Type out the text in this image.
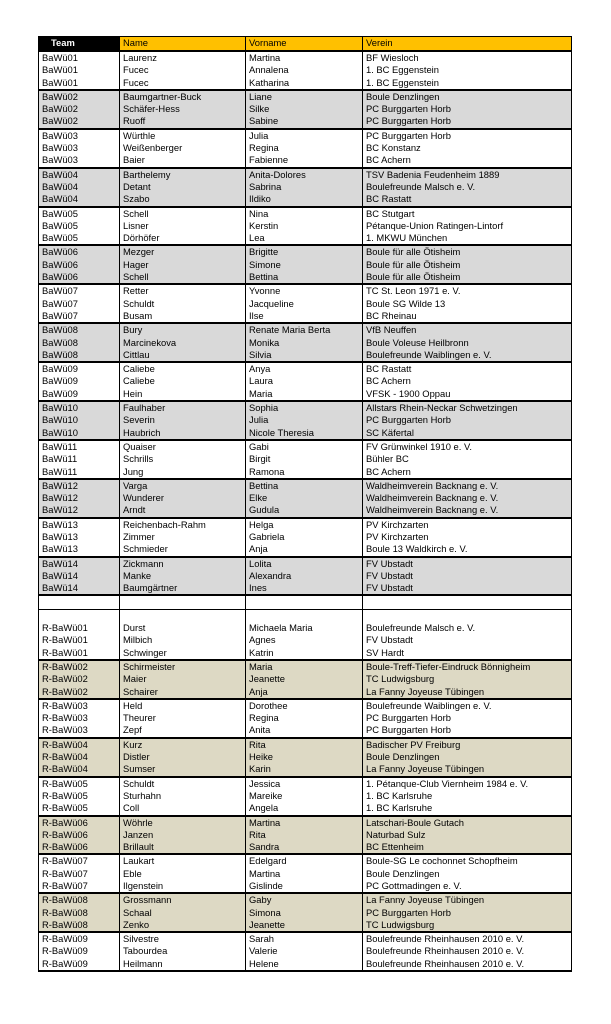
Team	Name	Vorname	Verein
BaWü01	Laurenz	Martina	BF Wiesloch
BaWü01	Fucec	Annalena	1. BC Eggenstein
BaWü01	Fucec	Katharina	1. BC Eggenstein
BaWü02	Baumgartner-Buck	Liane	Boule Denzlingen
BaWü02	Schäfer-Hess	Silke	PC Burggarten Horb
BaWü02	Ruoff	Sabine	PC Burggarten Horb
BaWü03	Würthle	Julia	PC Burggarten Horb
BaWü03	Weißenberger	Regina	BC Konstanz
BaWü03	Baier	Fabienne	BC Achern
BaWü04	Barthelemy	Anita-Dolores	TSV Badenia Feudenheim 1889
BaWü04	Detant	Sabrina	Boulefreunde Malsch e. V.
BaWü04	Szabo	Ildiko	BC Rastatt
BaWü05	Schell	Nina	BC Stutgart
BaWü05	Lisner	Kerstin	Pétanque-Union Ratingen-Lintorf
BaWü05	Dörhöfer	Lea	1. MKWU München
BaWü06	Mezger	Brigitte	Boule für alle Ötisheim
BaWü06	Hager	Simone	Boule für alle Ötisheim
BaWü06	Schell	Bettina	Boule für alle Ötisheim
BaWü07	Retter	Yvonne	TC St. Leon 1971 e. V.
BaWü07	Schuldt	Jacqueline	Boule SG Wilde 13
BaWü07	Busam	Ilse	BC Rheinau
BaWü08	Bury	Renate Maria Berta	VfB Neuffen
BaWü08	Marcinekova	Monika	Boule Voleuse Heilbronn
BaWü08	Cittlau	Silvia	Boulefreunde Waiblingen e. V.
BaWü09	Caliebe	Anya	BC Rastatt
BaWü09	Caliebe	Laura	BC Achern
BaWü09	Hein	Maria	VFSK - 1900 Oppau
BaWü10	Faulhaber	Sophia	Allstars Rhein-Neckar Schwetzingen
BaWü10	Severin	Julia	PC Burggarten Horb
BaWü10	Haubrich	Nicole Theresia	SC Käfertal
BaWü11	Quaiser	Gabi	FV Grünwinkel 1910 e. V.
BaWü11	Schrills	Birgit	Bühler BC
BaWü11	Jung	Ramona	BC Achern
BaWü12	Varga	Bettina	Waldheimverein Backnang e. V.
BaWü12	Wunderer	Elke	Waldheimverein Backnang e. V.
BaWü12	Arndt	Gudula	Waldheimverein Backnang e. V.
BaWü13	Reichenbach-Rahm	Helga	PV Kirchzarten
BaWü13	Zimmer	Gabriela	PV Kirchzarten
BaWü13	Schmieder	Anja	Boule 13 Waldkirch e. V.
BaWü14	Zickmann	Lolita	FV Ubstadt
BaWü14	Manke	Alexandra	FV Ubstadt
BaWü14	Baumgärtner	Ines	FV Ubstadt

R-BaWü01	Durst	Michaela Maria	Boulefreunde Malsch e. V.
R-BaWü01	Milbich	Agnes	FV Ubstadt
R-BaWü01	Schwinger	Katrin	SV Hardt
R-BaWü02	Schirmeister	Maria	Boule-Treff-Tiefer-Eindruck Bönnigheim
R-BaWü02	Maier	Jeanette	TC Ludwigsburg
R-BaWü02	Schairer	Anja	La Fanny Joyeuse Tübingen
R-BaWü03	Held	Dorothee	Boulefreunde Waiblingen e. V.
R-BaWü03	Theurer	Regina	PC Burggarten Horb
R-BaWü03	Zepf	Anita	PC Burggarten Horb
R-BaWü04	Kurz	Rita	Badischer PV Freiburg
R-BaWü04	Distler	Heike	Boule Denzlingen
R-BaWü04	Sumser	Karin	La Fanny Joyeuse Tübingen
R-BaWü05	Schuldt	Jessica	1. Pétanque-Club Viernheim 1984 e. V.
R-BaWü05	Sturhahn	Mareike	1. BC Karlsruhe
R-BaWü05	Coll	Angela	1. BC Karlsruhe
R-BaWü06	Wöhrle	Martina	Latschari-Boule Gutach
R-BaWü06	Janzen	Rita	Naturbad Sulz
R-BaWü06	Brillault	Sandra	BC Ettenheim
R-BaWü07	Laukart	Edelgard	Boule-SG Le cochonnet Schopfheim
R-BaWü07	Eble	Martina	Boule Denzlingen
R-BaWü07	Ilgenstein	Gislinde	PC Gottmadingen e. V.
R-BaWü08	Grossmann	Gaby	La Fanny Joyeuse Tübingen
R-BaWü08	Schaal	Simona	PC Burggarten Horb
R-BaWü08	Zenko	Jeanette	TC Ludwigsburg
R-BaWü09	Silvestre	Sarah	Boulefreunde Rheinhausen 2010 e. V.
R-BaWü09	Tabourdea	Valerie	Boulefreunde Rheinhausen 2010 e. V.
R-BaWü09	Heilmann	Helene	Boulefreunde Rheinhausen 2010 e. V.
